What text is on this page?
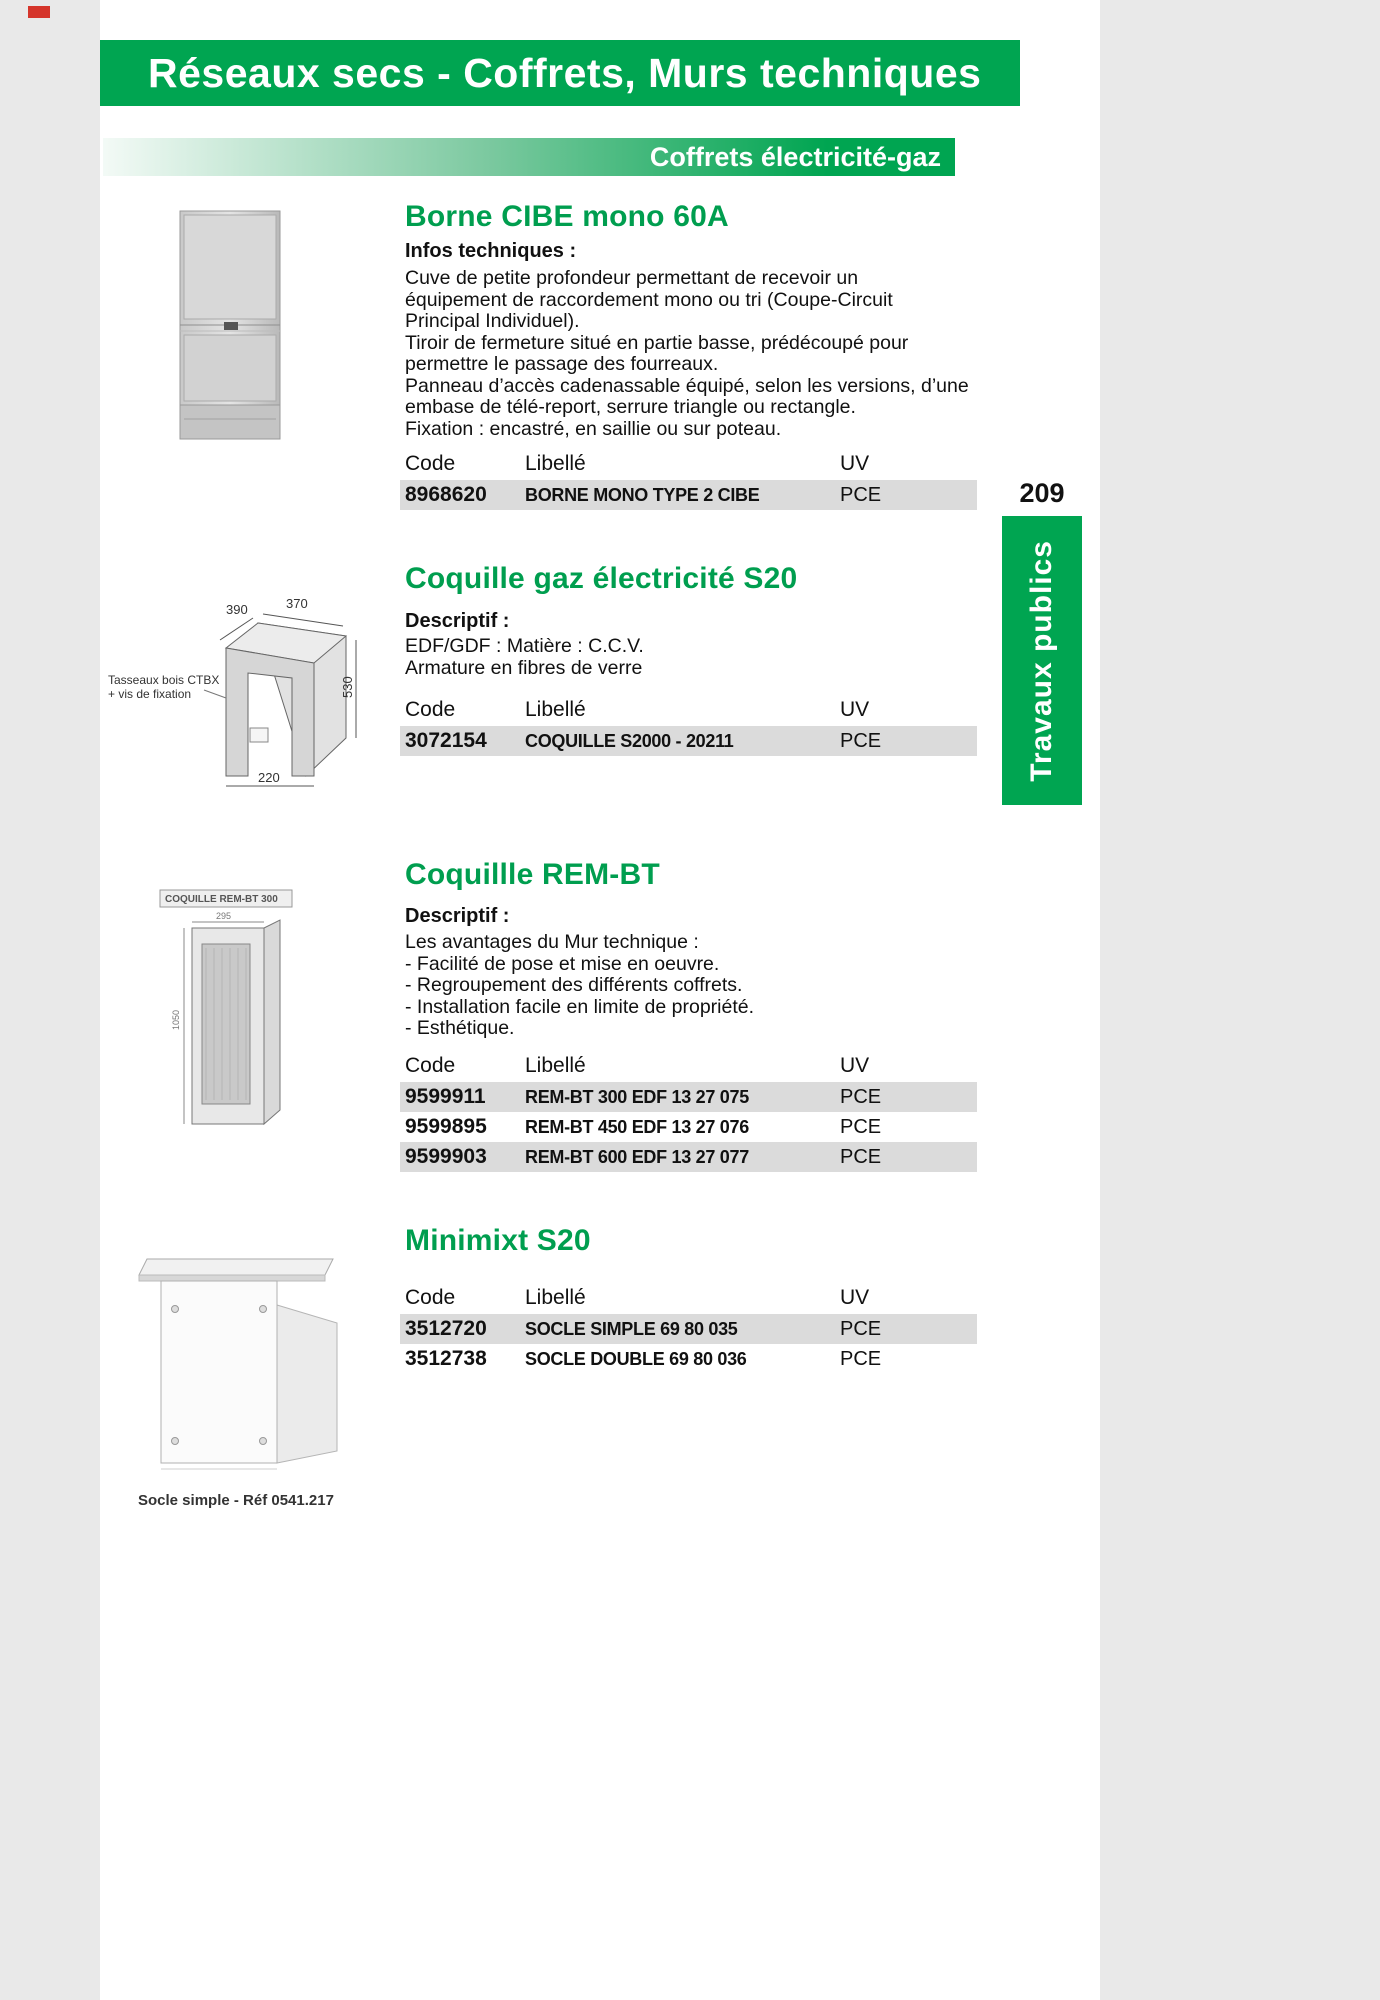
Réseaux secs - Coffrets, Murs techniques
Coffrets électricité-gaz
209
Travaux publics
Borne CIBE mono 60A
Infos techniques :
Cuve de petite profondeur permettant de recevoir un
équipement de raccordement mono ou tri (Coupe-Circuit
Principal Individuel).
Tiroir de fermeture situé en partie basse, prédécoupé pour
permettre le passage des fourreaux.
Panneau d’accès cadenassable équipé, selon les versions, d’une
embase de télé-report, serrure triangle ou rectangle.
Fixation : encastré, en saillie ou sur poteau.
Code	Libellé	UV
8968620	BORNE MONO TYPE 2 CIBE	PCE
Coquille gaz électricité S20
Descriptif :
EDF/GDF : Matière : C.C.V.
Armature en fibres de verre
Code	Libellé	UV
3072154	COQUILLE S2000 - 20211	PCE
Coquillle REM-BT
Descriptif :
Les avantages du Mur technique :
- Facilité de pose et mise en oeuvre.
- Regroupement des différents coffrets.
- Installation facile en limite de propriété.
- Esthétique.
Code	Libellé	UV
9599911	REM-BT 300 EDF 13 27 075	PCE
9599895	REM-BT 450 EDF 13 27 076	PCE
9599903	REM-BT 600 EDF 13 27 077	PCE
Minimixt S20
Code	Libellé	UV
3512720	SOCLE SIMPLE 69 80 035	PCE
3512738	SOCLE DOUBLE 69 80 036	PCE
390	370
530
220
Tasseaux bois CTBX
+ vis de fixation
COQUILLE REM-BT 300
295
1050
Socle simple - Réf 0541.217
